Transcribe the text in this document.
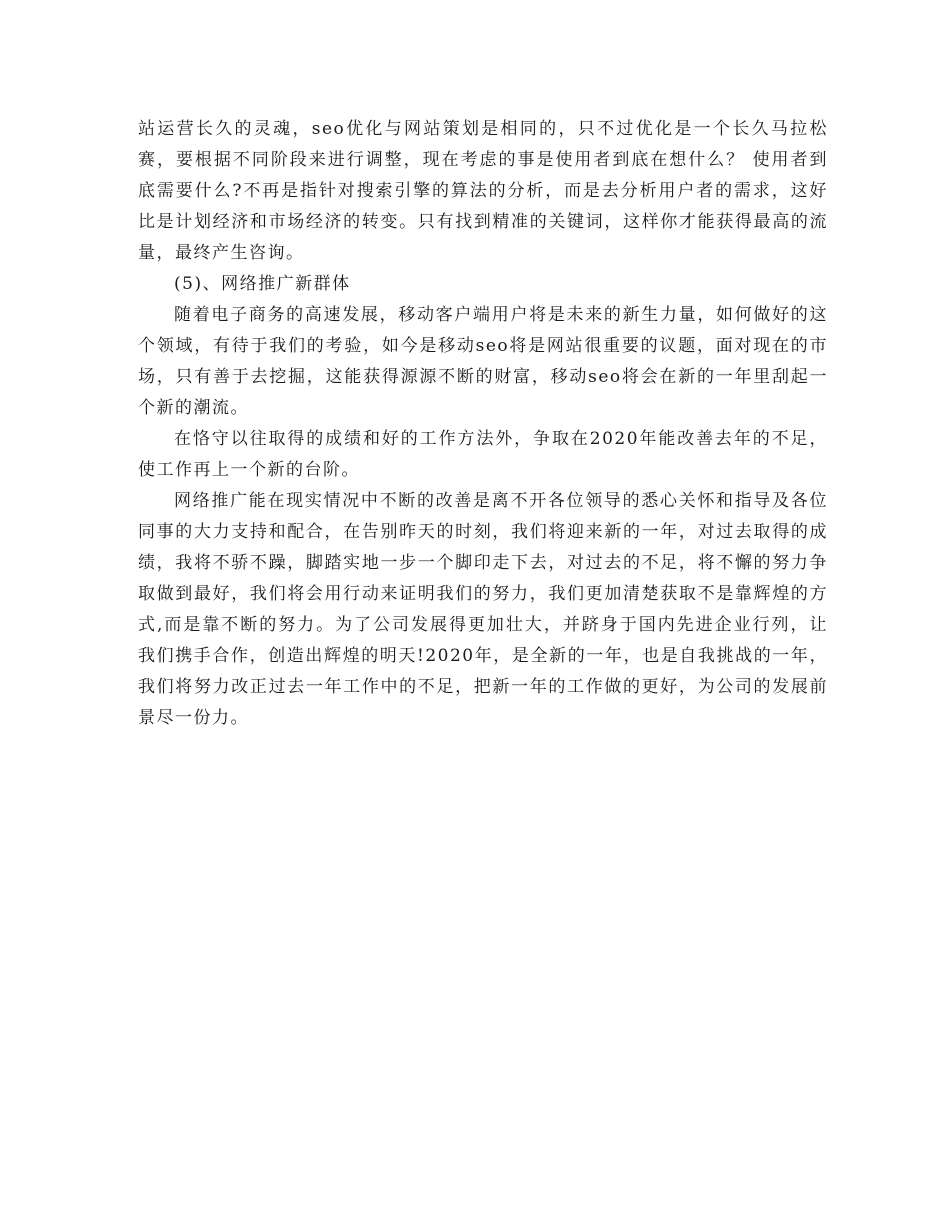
站运营长久的灵魂，seo优化与网站策划是相同的，只不过优化是一个长久马拉松赛，要根据不同阶段来进行调整，现在考虑的事是使用者到底在想什么？ 使用者到底需要什么?不再是指针对搜索引擎的算法的分析，而是去分析用户者的需求，这好比是计划经济和市场经济的转变。只有找到精准的关键词，这样你才能获得最高的流量，最终产生咨询。

(5)、网络推广新群体

随着电子商务的高速发展，移动客户端用户将是未来的新生力量，如何做好的这个领域，有待于我们的考验，如今是移动seo将是网站很重要的议题，面对现在的市场，只有善于去挖掘，这能获得源源不断的财富，移动seo将会在新的一年里刮起一个新的潮流。

在恪守以往取得的成绩和好的工作方法外，争取在2020年能改善去年的不足，使工作再上一个新的台阶。

网络推广能在现实情况中不断的改善是离不开各位领导的悉心关怀和指导及各位同事的大力支持和配合，在告别昨天的时刻，我们将迎来新的一年，对过去取得的成绩，我将不骄不躁，脚踏实地一步一个脚印走下去，对过去的不足，将不懈的努力争取做到最好，我们将会用行动来证明我们的努力，我们更加清楚获取不是靠辉煌的方式,而是靠不断的努力。为了公司发展得更加壮大，并跻身于国内先进企业行列，让我们携手合作，创造出辉煌的明天!2020年，是全新的一年，也是自我挑战的一年，我们将努力改正过去一年工作中的不足，把新一年的工作做的更好，为公司的发展前景尽一份力。
